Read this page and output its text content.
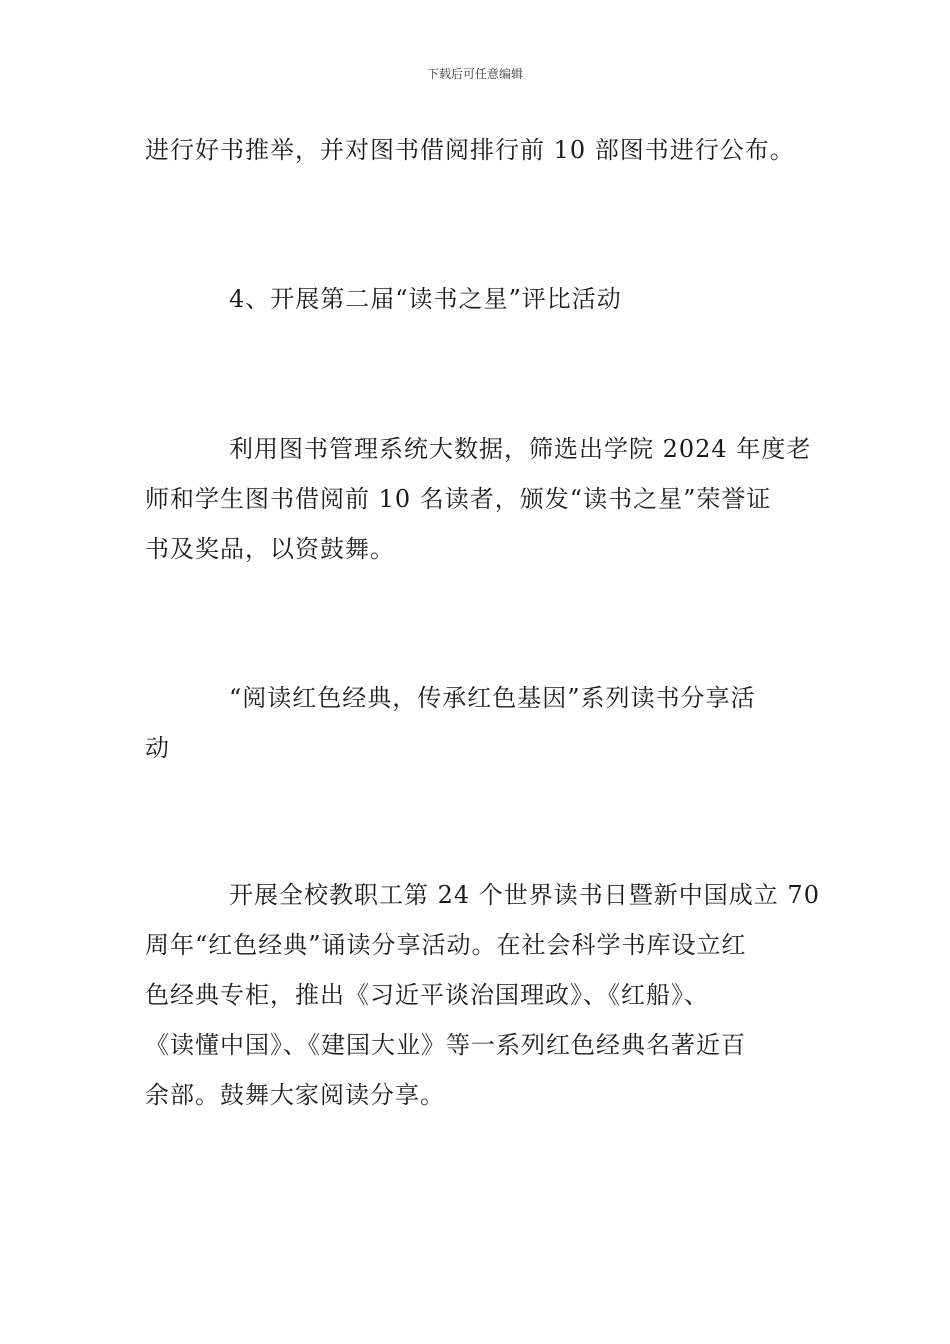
下载后可任意编辑

进行好书推举，并对图书借阅排行前 10 部图书进行公布。

4、开展第二届“读书之星”评比活动

利用图书管理系统大数据，筛选出学院 2024 年度老
师和学生图书借阅前 10 名读者，颁发“读书之星”荣誉证
书及奖品，以资鼓舞。

“阅读红色经典，传承红色基因”系列读书分享活
动

开展全校教职工第 24 个世界读书日暨新中国成立 70
周年“红色经典”诵读分享活动。在社会科学书库设立红
色经典专柜，推出《习近平谈治国理政》、《红船》、
《读懂中国》、《建国大业》等一系列红色经典名著近百
余部。鼓舞大家阅读分享。
